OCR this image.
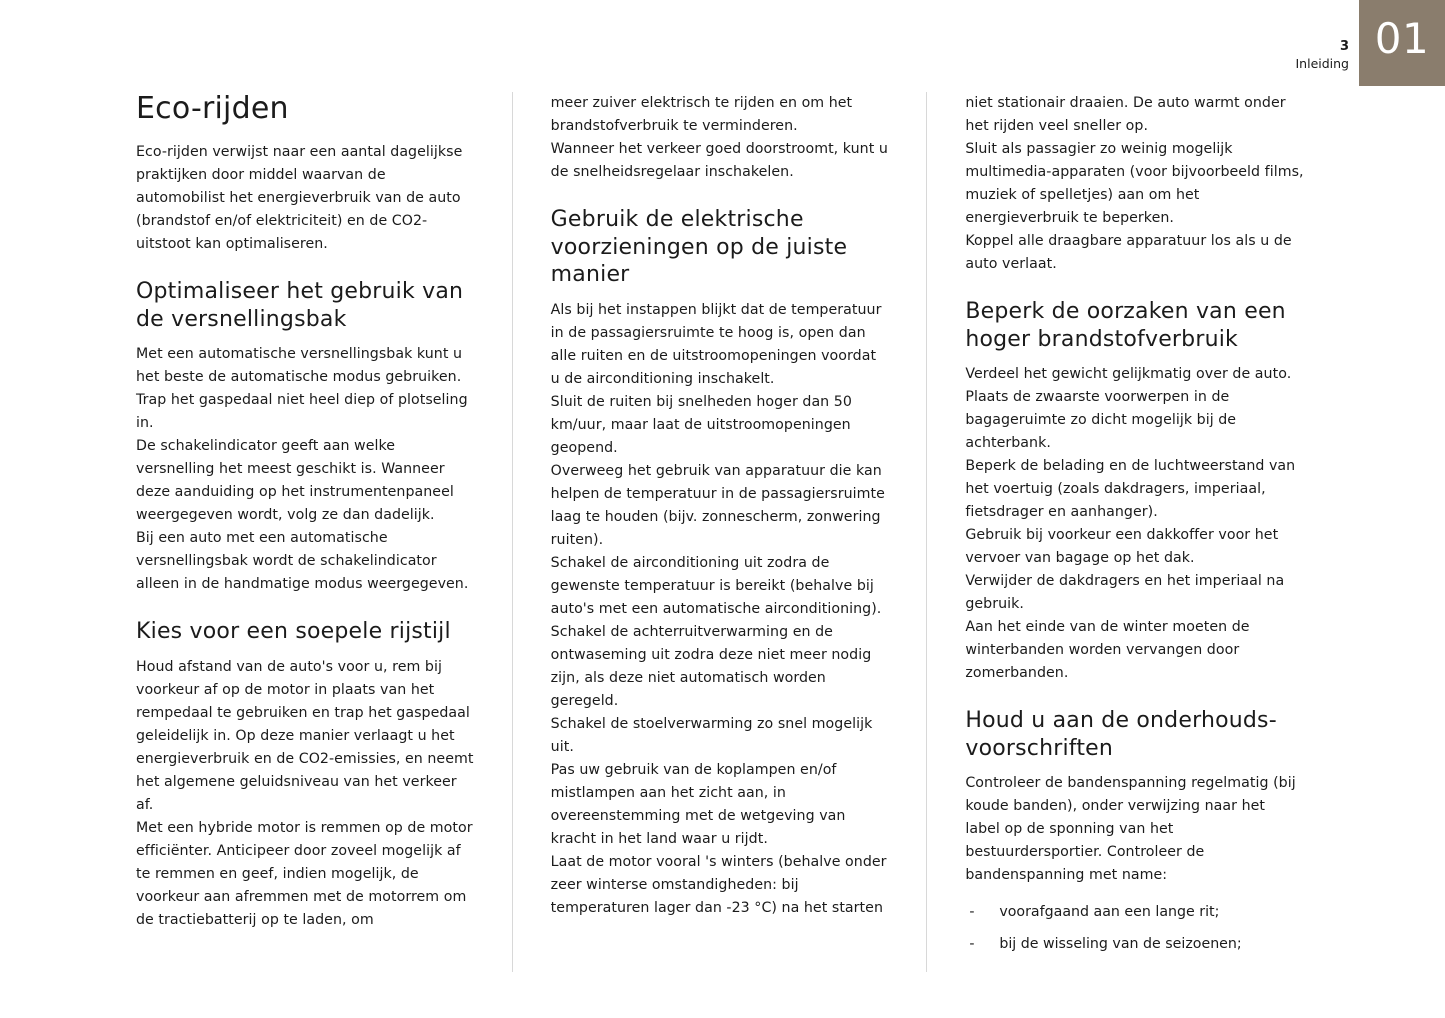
3
Inleiding
01
Eco-rijden

Eco-rijden verwijst naar een aantal dagelijkse praktijken door middel waarvan de automobilist het energieverbruik van de auto (brandstof en/of elektriciteit) en de CO2-uitstoot kan optimaliseren.

Optimaliseer het gebruik van de versnellingsbak

Met een automatische versnellingsbak kunt u het beste de automatische modus gebruiken. Trap het gaspedaal niet heel diep of plotseling in.

De schakelindicator geeft aan welke versnelling het meest geschikt is. Wanneer deze aanduiding op het instrumentenpaneel weergegeven wordt, volg ze dan dadelijk.

Bij een auto met een automatische versnellingsbak wordt de schakelindicator alleen in de handmatige modus weergegeven.

Kies voor een soepele rijstijl

Houd afstand van de auto's voor u, rem bij voorkeur af op de motor in plaats van het rempedaal te gebruiken en trap het gaspedaal geleidelijk in. Op deze manier verlaagt u het energieverbruik en de CO2-emissies, en neemt het algemene geluidsniveau van het verkeer af.

Met een hybride motor is remmen op de motor efficiënter. Anticipeer door zoveel mogelijk af te remmen en geef, indien mogelijk, de voorkeur aan afremmen met de motorrem om de tractiebatterij op te laden, om

meer zuiver elektrisch te rijden en om het brandstofverbruik te verminderen.

Wanneer het verkeer goed doorstroomt, kunt u de snelheidsregelaar inschakelen.

Gebruik de elektrische voorzieningen op de juiste manier

Als bij het instappen blijkt dat de temperatuur in de passagiersruimte te hoog is, open dan alle ruiten en de uitstroomopeningen voordat u de airconditioning inschakelt.

Sluit de ruiten bij snelheden hoger dan 50 km/uur, maar laat de uitstroomopeningen geopend.

Overweeg het gebruik van apparatuur die kan helpen de temperatuur in de passagiersruimte laag te houden (bijv. zonnescherm, zonwering ruiten).

Schakel de airconditioning uit zodra de gewenste temperatuur is bereikt (behalve bij auto's met een automatische airconditioning).

Schakel de achterruitverwarming en de ontwaseming uit zodra deze niet meer nodig zijn, als deze niet automatisch worden geregeld.

Schakel de stoelverwarming zo snel mogelijk uit.

Pas uw gebruik van de koplampen en/of mistlampen aan het zicht aan, in overeenstemming met de wetgeving van kracht in het land waar u rijdt.

Laat de motor vooral 's winters (behalve onder zeer winterse omstandigheden: bij temperaturen lager dan -23 °C) na het starten

niet stationair draaien. De auto warmt onder het rijden veel sneller op.

Sluit als passagier zo weinig mogelijk multimedia-apparaten (voor bijvoorbeeld films, muziek of spelletjes) aan om het energieverbruik te beperken.

Koppel alle draagbare apparatuur los als u de auto verlaat.

Beperk de oorzaken van een hoger brandstofverbruik

Verdeel het gewicht gelijkmatig over de auto. Plaats de zwaarste voorwerpen in de bagageruimte zo dicht mogelijk bij de achterbank.

Beperk de belading en de luchtweerstand van het voertuig (zoals dakdragers, imperiaal, fietsdrager en aanhanger).

Gebruik bij voorkeur een dakkoffer voor het vervoer van bagage op het dak.

Verwijder de dakdragers en het imperiaal na gebruik.

Aan het einde van de winter moeten de winterbanden worden vervangen door zomerbanden.

Houd u aan de onderhouds-voorschriften

Controleer de bandenspanning regelmatig (bij koude banden), onder verwijzing naar het label op de sponning van het bestuurdersportier. Controleer de bandenspanning met name:

- voorafgaand aan een lange rit;
- bij de wisseling van de seizoenen;
